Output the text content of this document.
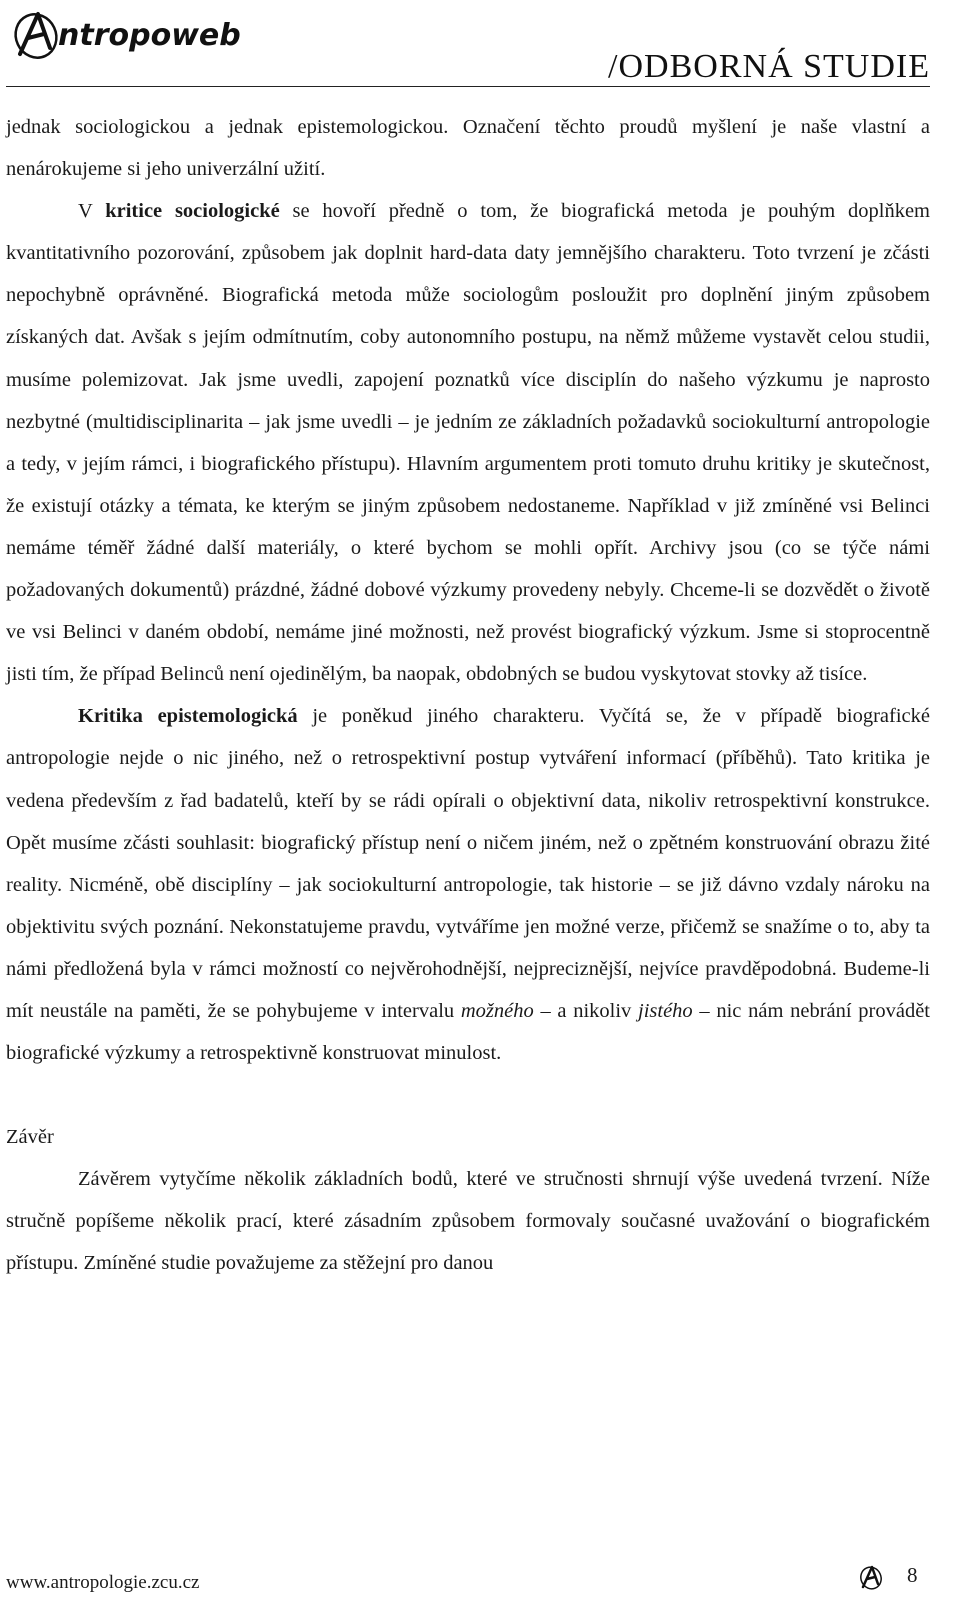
ntropoweb
/ODBORNÁ STUDIE

jednak sociologickou a jednak epistemologickou. Označení těchto proudů myšlení je naše vlastní a nenárokujeme si jeho univerzální užití.

V kritice sociologické se hovoří předně o tom, že biografická metoda je pouhým doplňkem kvantitativního pozorování, způsobem jak doplnit hard-data daty jemnějšího charakteru. Toto tvrzení je zčásti nepochybně oprávněné. Biografická metoda může sociologům posloužit pro doplnění jiným způsobem získaných dat. Avšak s jejím odmítnutím, coby autonomního postupu, na němž můžeme vystavět celou studii, musíme polemizovat. Jak jsme uvedli, zapojení poznatků více disciplín do našeho výzkumu je naprosto nezbytné (multidisciplinarita – jak jsme uvedli – je jedním ze základních požadavků sociokulturní antropologie a tedy, v jejím rámci, i biografického přístupu). Hlavním argumentem proti tomuto druhu kritiky je skutečnost, že existují otázky a témata, ke kterým se jiným způsobem nedostaneme. Například v již zmíněné vsi Belinci nemáme téměř žádné další materiály, o které bychom se mohli opřít. Archivy jsou (co se týče námi požadovaných dokumentů) prázdné, žádné dobové výzkumy provedeny nebyly. Chceme-li se dozvědět o životě ve vsi Belinci v daném období, nemáme jiné možnosti, než provést biografický výzkum. Jsme si stoprocentně jisti tím, že případ Belinců není ojedinělým, ba naopak, obdobných se budou vyskytovat stovky až tisíce.

Kritika epistemologická je poněkud jiného charakteru. Vyčítá se, že v případě biografické antropologie nejde o nic jiného, než o retrospektivní postup vytváření informací (příběhů). Tato kritika je vedena především z řad badatelů, kteří by se rádi opírali o objektivní data, nikoliv retrospektivní konstrukce. Opět musíme zčásti souhlasit: biografický přístup není o ničem jiném, než o zpětném konstruování obrazu žité reality. Nicméně, obě disciplíny – jak sociokulturní antropologie, tak historie – se již dávno vzdaly nároku na objektivitu svých poznání. Nekonstatujeme pravdu, vytváříme jen možné verze, přičemž se snažíme o to, aby ta námi předložená byla v rámci možností co nejvěrohodnější, nejpreciznější, nejvíce pravděpodobná. Budeme-li mít neustále na paměti, že se pohybujeme v intervalu možného – a nikoliv jistého – nic nám nebrání provádět biografické výzkumy a retrospektivně konstruovat minulost.

Závěr

Závěrem vytyčíme několik základních bodů, které ve stručnosti shrnují výše uvedená tvrzení. Níže stručně popíšeme několik prací, které zásadním způsobem formovaly současné uvažování o biografickém přístupu. Zmíněné studie považujeme za stěžejní pro danou

www.antropologie.zcu.cz	8
